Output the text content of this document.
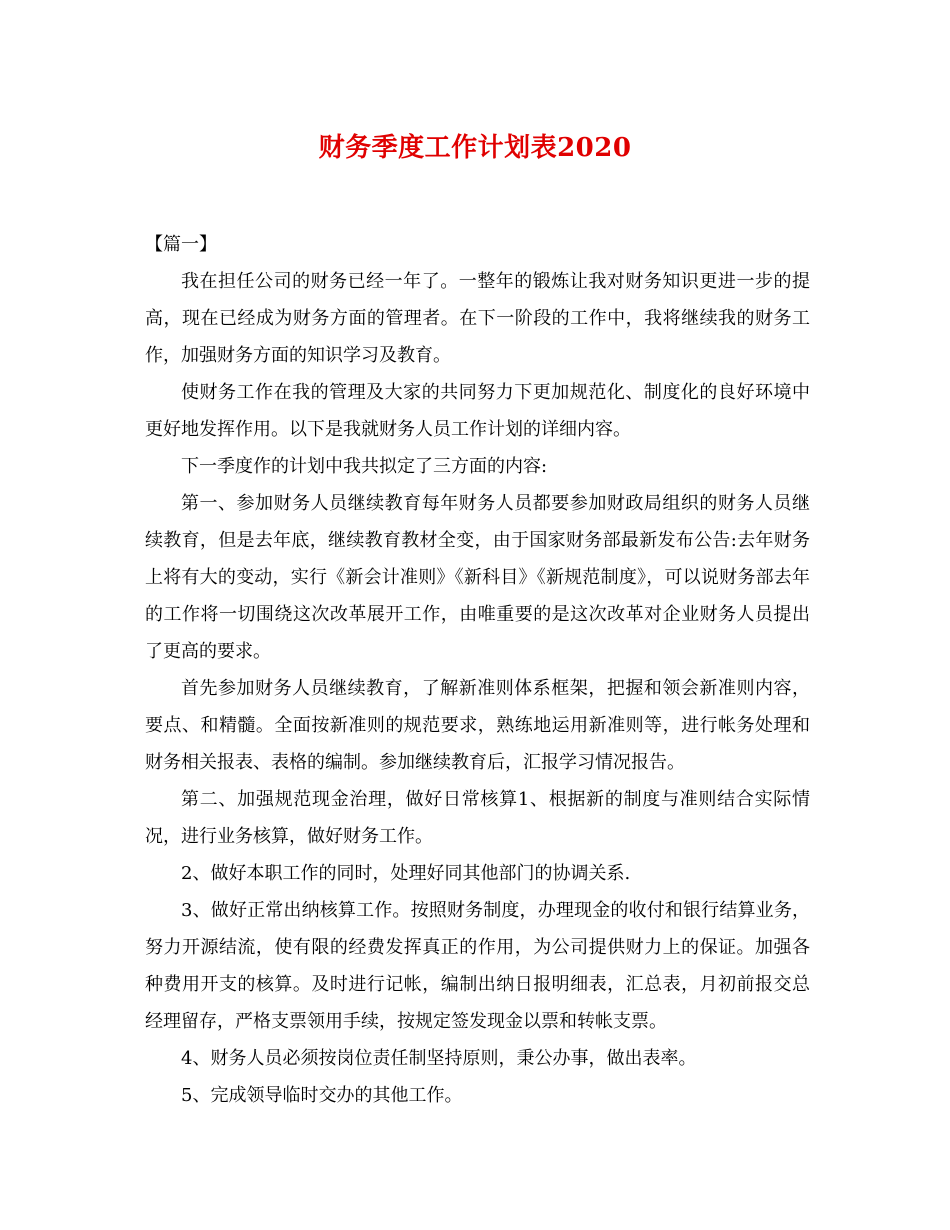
财务季度工作计划表2020

【篇一】

我在担任公司的财务已经一年了。一整年的锻炼让我对财务知识更进一步的提高，现在已经成为财务方面的管理者。在下一阶段的工作中，我将继续我的财务工作，加强财务方面的知识学习及教育。

使财务工作在我的管理及大家的共同努力下更加规范化、制度化的良好环境中更好地发挥作用。以下是我就财务人员工作计划的详细内容。

下一季度作的计划中我共拟定了三方面的内容:

第一、参加财务人员继续教育每年财务人员都要参加财政局组织的财务人员继续教育，但是去年底，继续教育教材全变，由于国家财务部最新发布公告:去年财务上将有大的变动，实行《新会计准则》《新科目》《新规范制度》，可以说财务部去年的工作将一切围绕这次改革展开工作，由唯重要的是这次改革对企业财务人员提出了更高的要求。

首先参加财务人员继续教育，了解新准则体系框架，把握和领会新准则内容，要点、和精髓。全面按新准则的规范要求，熟练地运用新准则等，进行帐务处理和财务相关报表、表格的编制。参加继续教育后，汇报学习情况报告。

第二、加强规范现金治理，做好日常核算1、根据新的制度与准则结合实际情况，进行业务核算，做好财务工作。

2、做好本职工作的同时，处理好同其他部门的协调关系.

3、做好正常出纳核算工作。按照财务制度，办理现金的收付和银行结算业务，努力开源结流，使有限的经费发挥真正的作用，为公司提供财力上的保证。加强各种费用开支的核算。及时进行记帐，编制出纳日报明细表，汇总表，月初前报交总经理留存，严格支票领用手续，按规定签发现金以票和转帐支票。

4、财务人员必须按岗位责任制坚持原则，秉公办事，做出表率。

5、完成领导临时交办的其他工作。
